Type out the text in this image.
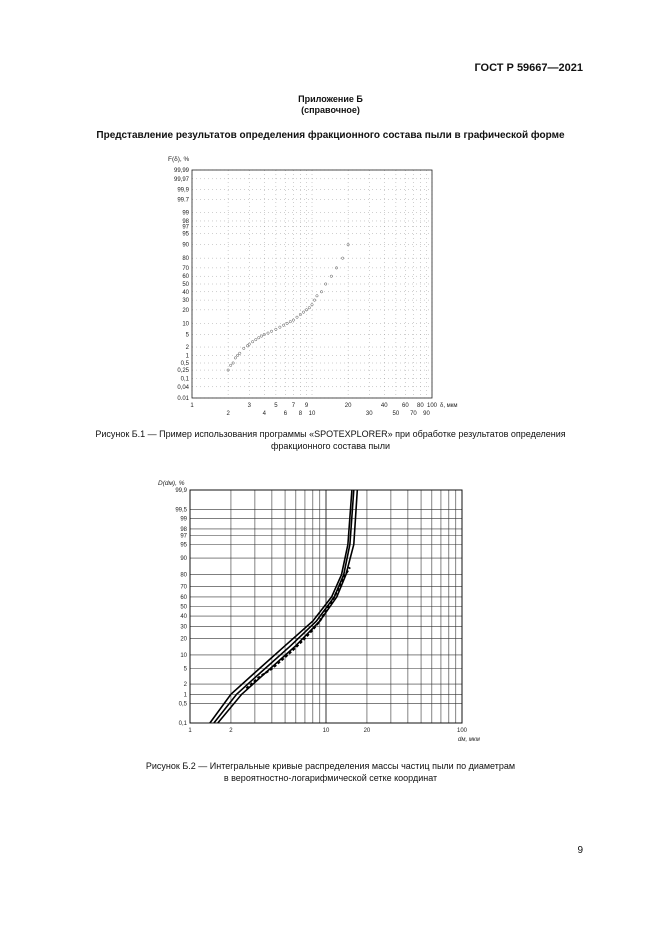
ГОСТ Р 59667—2021
Приложение Б
(справочное)
Представление результатов определения фракционного состава пыли в графической форме
F(δ), %
0.01
0,04
0,1
0,25
0,5
1
2
5
10
20
30
40
50
60
70
80
90
95
97
98
99
99.7
99,9
99,97
99,99
1	3	5 7 9	20	40 60 80 100
2	4	6 8 10	30	50 70 90
δ, мкм
Рисунок Б.1 — Пример использования программы «SPOTEXPLORER» при обработке результатов определения
фракционного состава пыли
D(dм), %
0,1
0,5
1
2
5
10
20
30
40
50
60
70
80
90
95
97
98
99
99,5
99,9
1	2	10	20	100
dм, мкм
Рисунок Б.2 — Интегральные кривые распределения массы частиц пыли по диаметрам
в вероятностно-логарифмической сетке координат
9
